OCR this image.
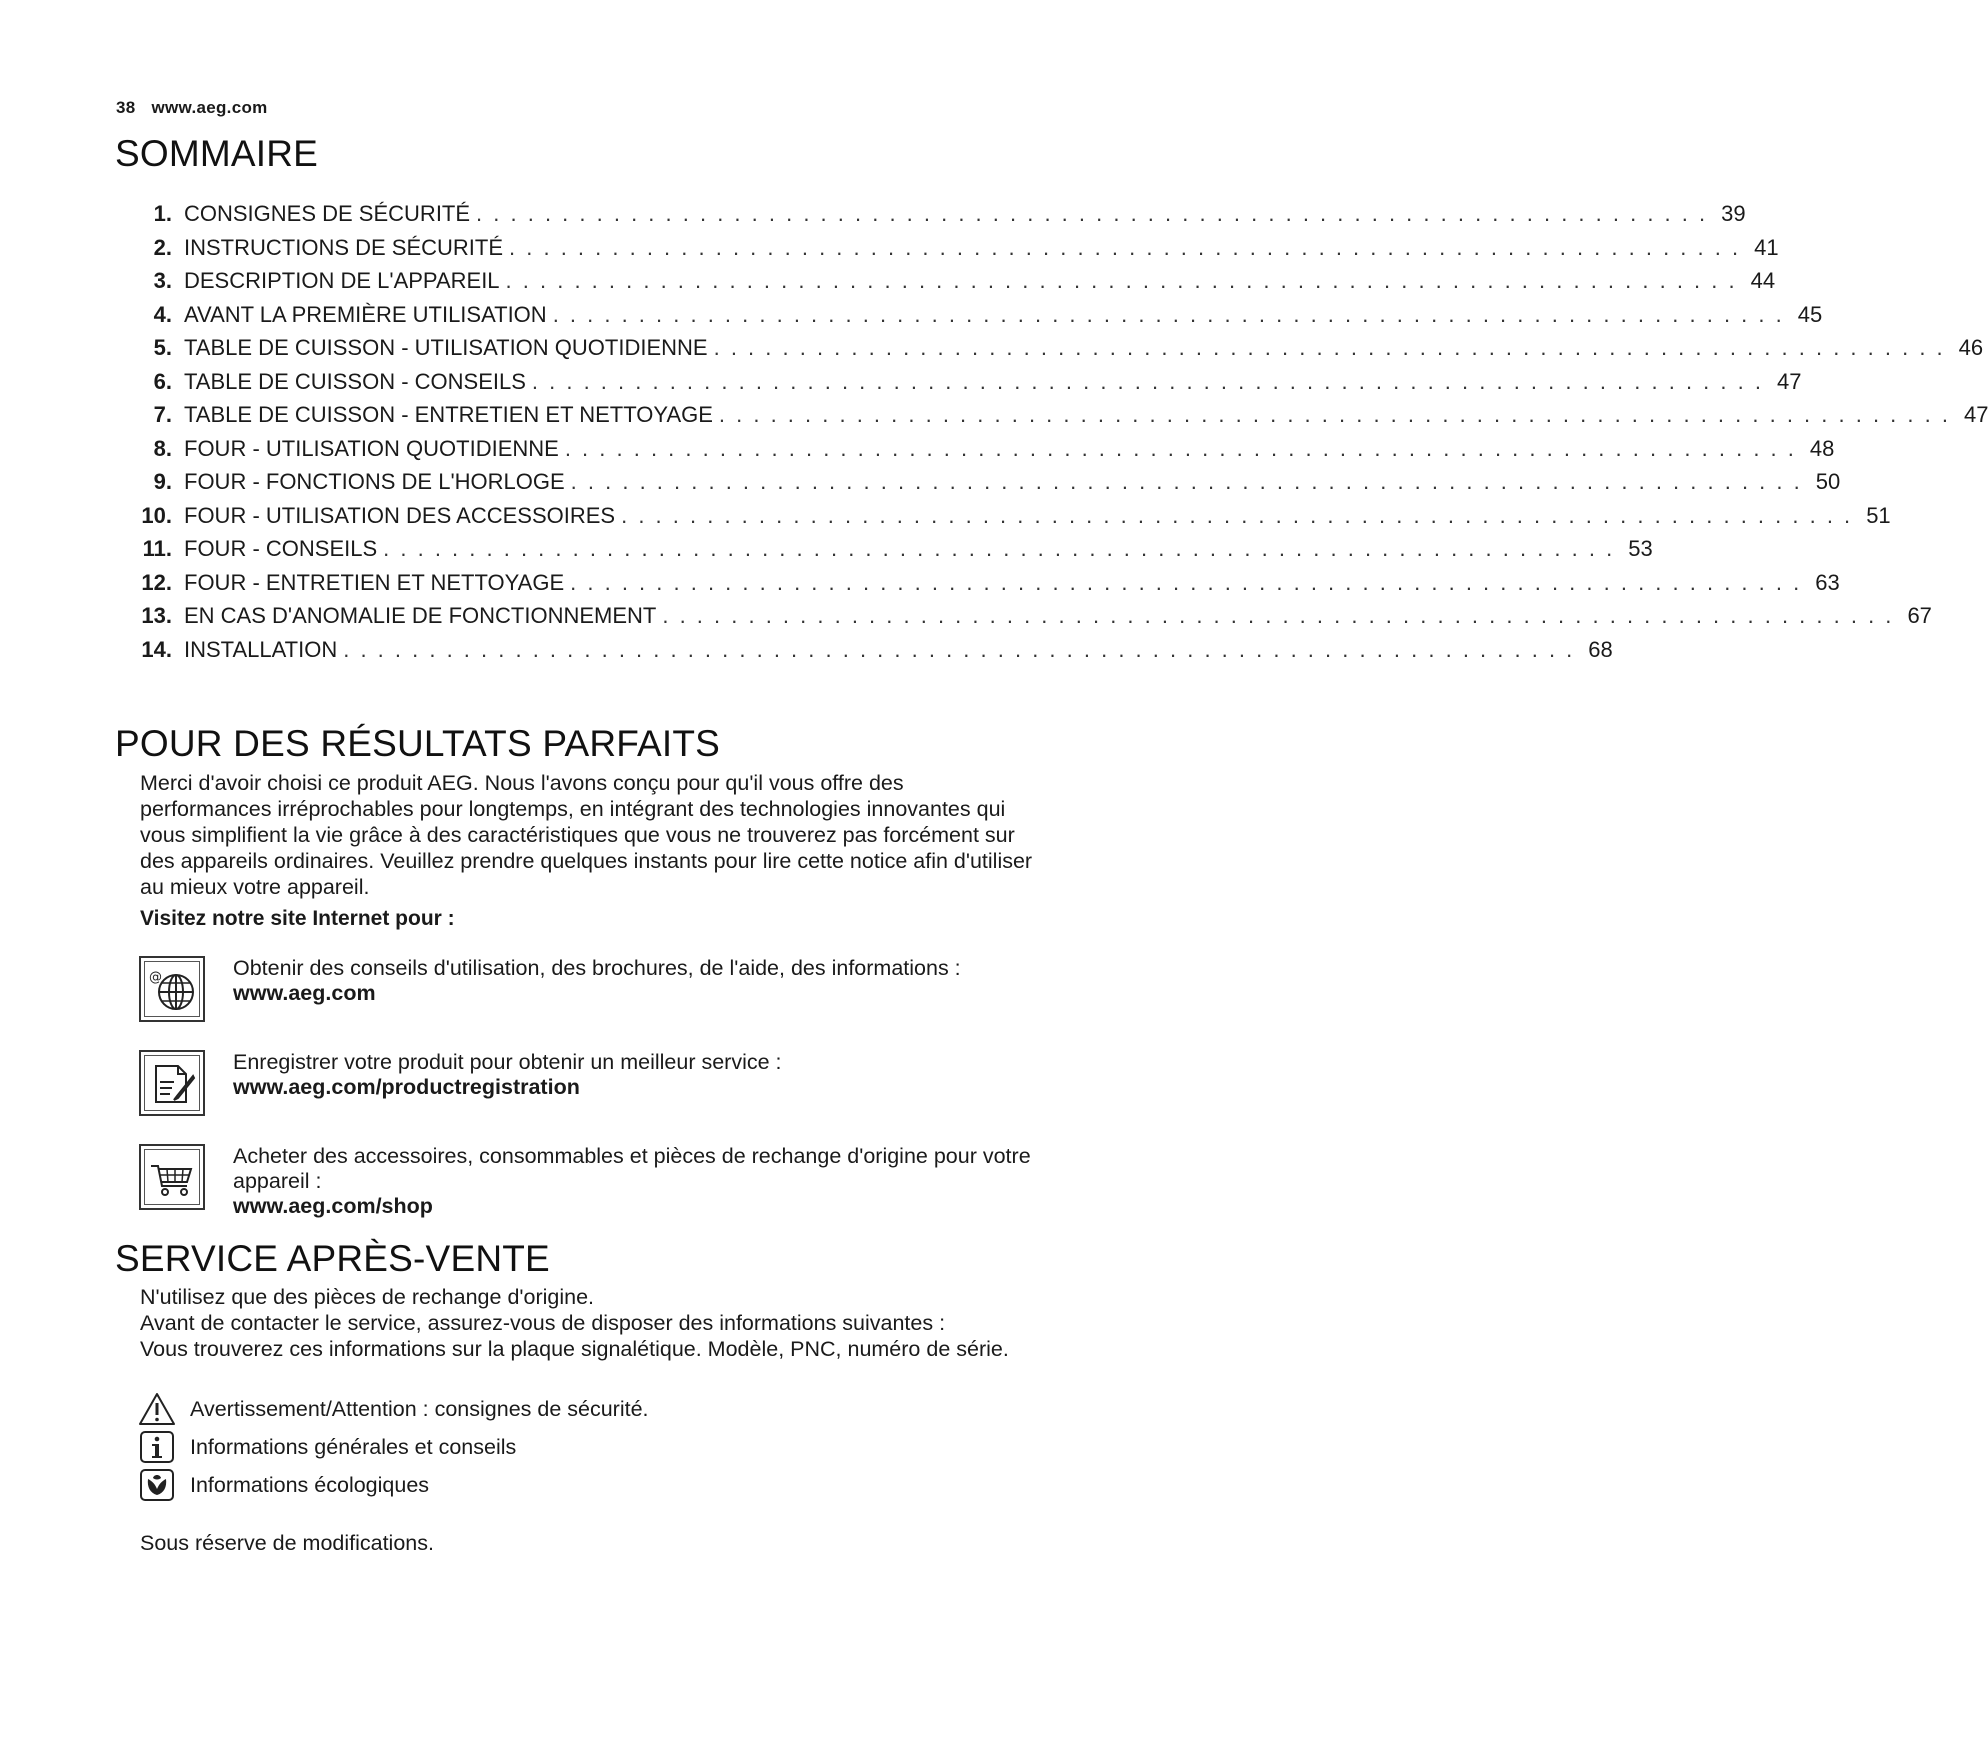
38 www.aeg.com
SOMMAIRE
1. CONSIGNES DE SÉCURITÉ . . . . . . . . . . . . . . . . . . . . . . . . . . . . . . . . . . . . . . . . . . . . . . . . . . . . . . . . . . . . . . . . . . . . . . . . 39
2. INSTRUCTIONS DE SÉCURITÉ . . . . . . . . . . . . . . . . . . . . . . . . . . . . . . . . . . . . . . . . . . . . . . . . . . . . . . . . . . . . . . . . . . . . . . . . 41
3. DESCRIPTION DE L'APPAREIL . . . . . . . . . . . . . . . . . . . . . . . . . . . . . . . . . . . . . . . . . . . . . . . . . . . . . . . . . . . . . . . . . . . . . . . . 44
4. AVANT LA PREMIÈRE UTILISATION . . . . . . . . . . . . . . . . . . . . . . . . . . . . . . . . . . . . . . . . . . . . . . . . . . . . . . . . . . . . . . . . . . . . . . . . 45
5. TABLE DE CUISSON - UTILISATION QUOTIDIENNE . . . . . . . . . . . . . . . . . . . . . . . . . . . . . . . . . . . . . . . . . . . . . . . . . . . . . . . . . . . . . . . . . . . . . . . . 46
6. TABLE DE CUISSON - CONSEILS . . . . . . . . . . . . . . . . . . . . . . . . . . . . . . . . . . . . . . . . . . . . . . . . . . . . . . . . . . . . . . . . . . . . . . . . 47
7. TABLE DE CUISSON - ENTRETIEN ET NETTOYAGE . . . . . . . . . . . . . . . . . . . . . . . . . . . . . . . . . . . . . . . . . . . . . . . . . . . . . . . . . . . . . . . . . . . . . . . . 47
8. FOUR - UTILISATION QUOTIDIENNE . . . . . . . . . . . . . . . . . . . . . . . . . . . . . . . . . . . . . . . . . . . . . . . . . . . . . . . . . . . . . . . . . . . . . . . . 48
9. FOUR - FONCTIONS DE L'HORLOGE . . . . . . . . . . . . . . . . . . . . . . . . . . . . . . . . . . . . . . . . . . . . . . . . . . . . . . . . . . . . . . . . . . . . . . . . 50
10. FOUR - UTILISATION DES ACCESSOIRES . . . . . . . . . . . . . . . . . . . . . . . . . . . . . . . . . . . . . . . . . . . . . . . . . . . . . . . . . . . . . . . . . . . . . . . . 51
11. FOUR - CONSEILS . . . . . . . . . . . . . . . . . . . . . . . . . . . . . . . . . . . . . . . . . . . . . . . . . . . . . . . . . . . . . . . . . . . . . . . . 53
12. FOUR - ENTRETIEN ET NETTOYAGE . . . . . . . . . . . . . . . . . . . . . . . . . . . . . . . . . . . . . . . . . . . . . . . . . . . . . . . . . . . . . . . . . . . . . . . . 63
13. EN CAS D'ANOMALIE DE FONCTIONNEMENT . . . . . . . . . . . . . . . . . . . . . . . . . . . . . . . . . . . . . . . . . . . . . . . . . . . . . . . . . . . . . . . . . . . . . . . . 67
14. INSTALLATION . . . . . . . . . . . . . . . . . . . . . . . . . . . . . . . . . . . . . . . . . . . . . . . . . . . . . . . . . . . . . . . . . . . . . . . . 68
POUR DES RÉSULTATS PARFAITS
Merci d'avoir choisi ce produit AEG. Nous l'avons conçu pour qu'il vous offre des
performances irréprochables pour longtemps, en intégrant des technologies innovantes qui
vous simplifient la vie grâce à des caractéristiques que vous ne trouverez pas forcément sur
des appareils ordinaires. Veuillez prendre quelques instants pour lire cette notice afin d'utiliser
au mieux votre appareil.

Visitez notre site Internet pour :

@	Obtenir des conseils d'utilisation, des brochures, de l'aide, des informations :
www.aeg.com
Enregistrer votre produit pour obtenir un meilleur service :
www.aeg.com/productregistration
Acheter des accessoires, consommables et pièces de rechange d'origine pour votre
appareil :
www.aeg.com/shop
SERVICE APRÈS-VENTE
N'utilisez que des pièces de rechange d'origine.
Avant de contacter le service, assurez-vous de disposer des informations suivantes :
Vous trouverez ces informations sur la plaque signalétique. Modèle, PNC, numéro de série.
Avertissement/Attention : consignes de sécurité.
Informations générales et conseils
Informations écologiques

Sous réserve de modifications.
